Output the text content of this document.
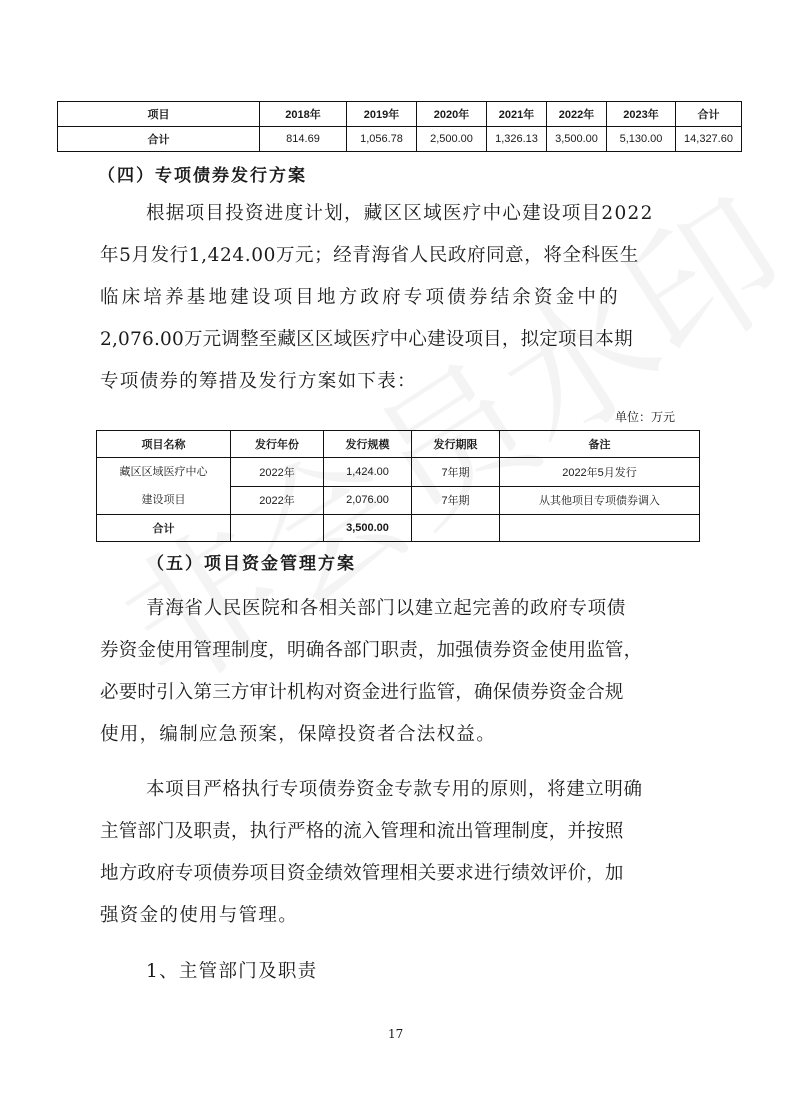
项目	2018年	2019年	2020年	2021年	2022年	2023年	合计
合计	814.69	1,056.78	2,500.00	1,326.13	3,500.00	5,130.00	14,327.60
（四）专项债券发行方案
根据项目投资进度计划，藏区区域医疗中心建设项目2022
年5月发行1,424.00万元；经青海省人民政府同意，将全科医生
临床培养基地建设项目地方政府专项债券结余资金中的
2,076.00万元调整至藏区区域医疗中心建设项目，拟定项目本期
专项债券的筹措及发行方案如下表：
单位：万元
项目名称	发行年份	发行规模	发行期限	备注

藏区区域医疗中心
建设项目	2022年	1,424.00	7年期	2022年5月发行
	2022年	2,076.00	7年期	从其他项目专项债券调入
合计		3,500.00		
（五）项目资金管理方案
青海省人民医院和各相关部门以建立起完善的政府专项债
券资金使用管理制度，明确各部门职责，加强债券资金使用监管，
必要时引入第三方审计机构对资金进行监管，确保债券资金合规
使用，编制应急预案，保障投资者合法权益。
本项目严格执行专项债券资金专款专用的原则，将建立明确
主管部门及职责，执行严格的流入管理和流出管理制度，并按照
地方政府专项债券项目资金绩效管理相关要求进行绩效评价，加
强资金的使用与管理。
1、主管部门及职责
17
